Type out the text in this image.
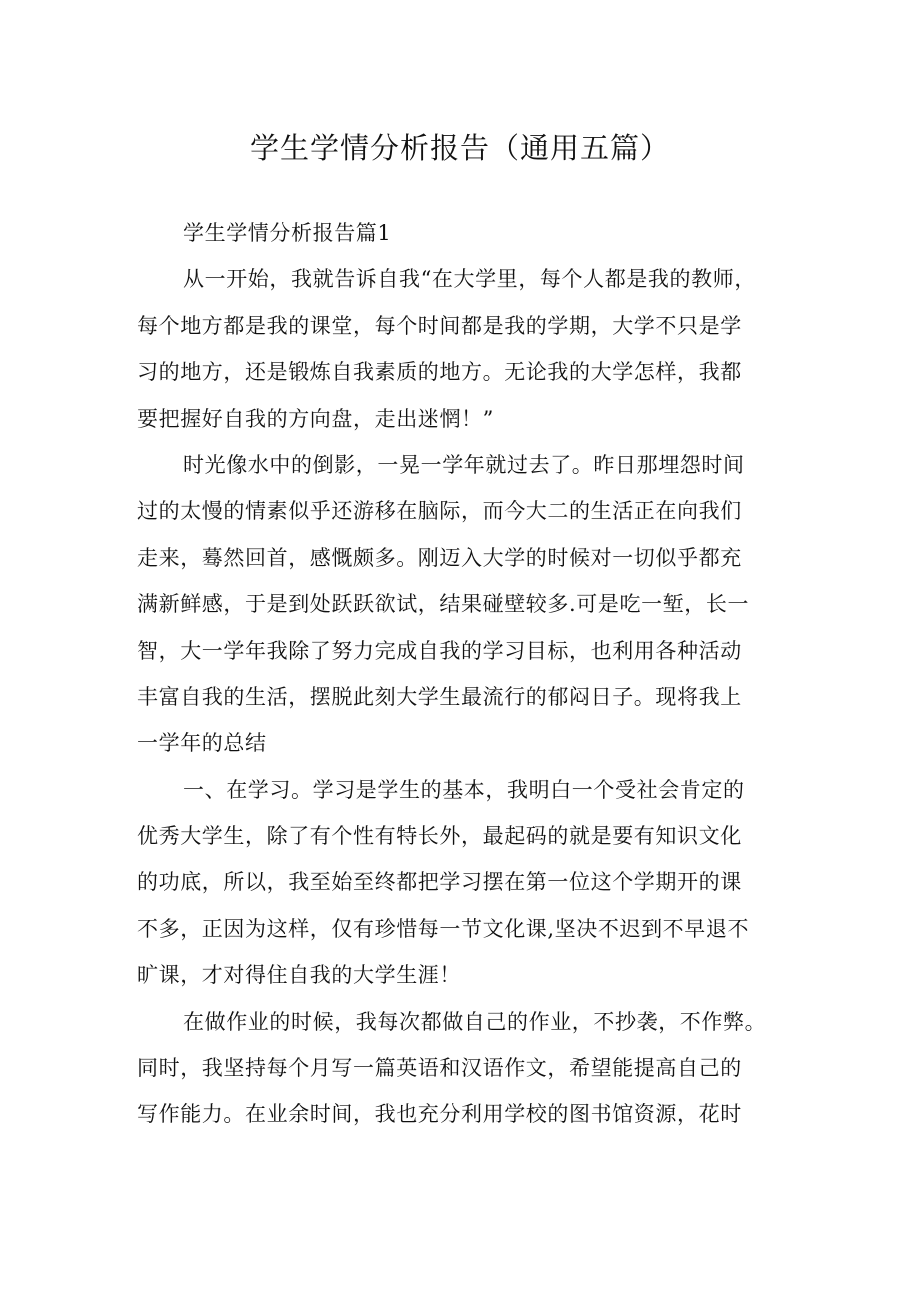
学生学情分析报告（通用五篇）
学生学情分析报告篇1
从一开始，我就告诉自我“在大学里，每个人都是我的教师，
每个地方都是我的课堂，每个时间都是我的学期，大学不只是学
习的地方，还是锻炼自我素质的地方。无论我的大学怎样，我都
要把握好自我的方向盘，走出迷惘！”
时光像水中的倒影，一晃一学年就过去了。昨日那埋怨时间
过的太慢的情素似乎还游移在脑际，而今大二的生活正在向我们
走来，蓦然回首，感慨颇多。刚迈入大学的时候对一切似乎都充
满新鲜感，于是到处跃跃欲试，结果碰壁较多.可是吃一堑，长一
智，大一学年我除了努力完成自我的学习目标，也利用各种活动
丰富自我的生活，摆脱此刻大学生最流行的郁闷日子。现将我上
一学年的总结
一、在学习。学习是学生的基本，我明白一个受社会肯定的
优秀大学生，除了有个性有特长外，最起码的就是要有知识文化
的功底，所以，我至始至终都把学习摆在第一位这个学期开的课
不多，正因为这样，仅有珍惜每一节文化课,坚决不迟到不早退不
旷课，才对得住自我的大学生涯！
在做作业的时候，我每次都做自己的作业，不抄袭，不作弊。
同时，我坚持每个月写一篇英语和汉语作文，希望能提高自己的
写作能力。在业余时间，我也充分利用学校的图书馆资源，花时
